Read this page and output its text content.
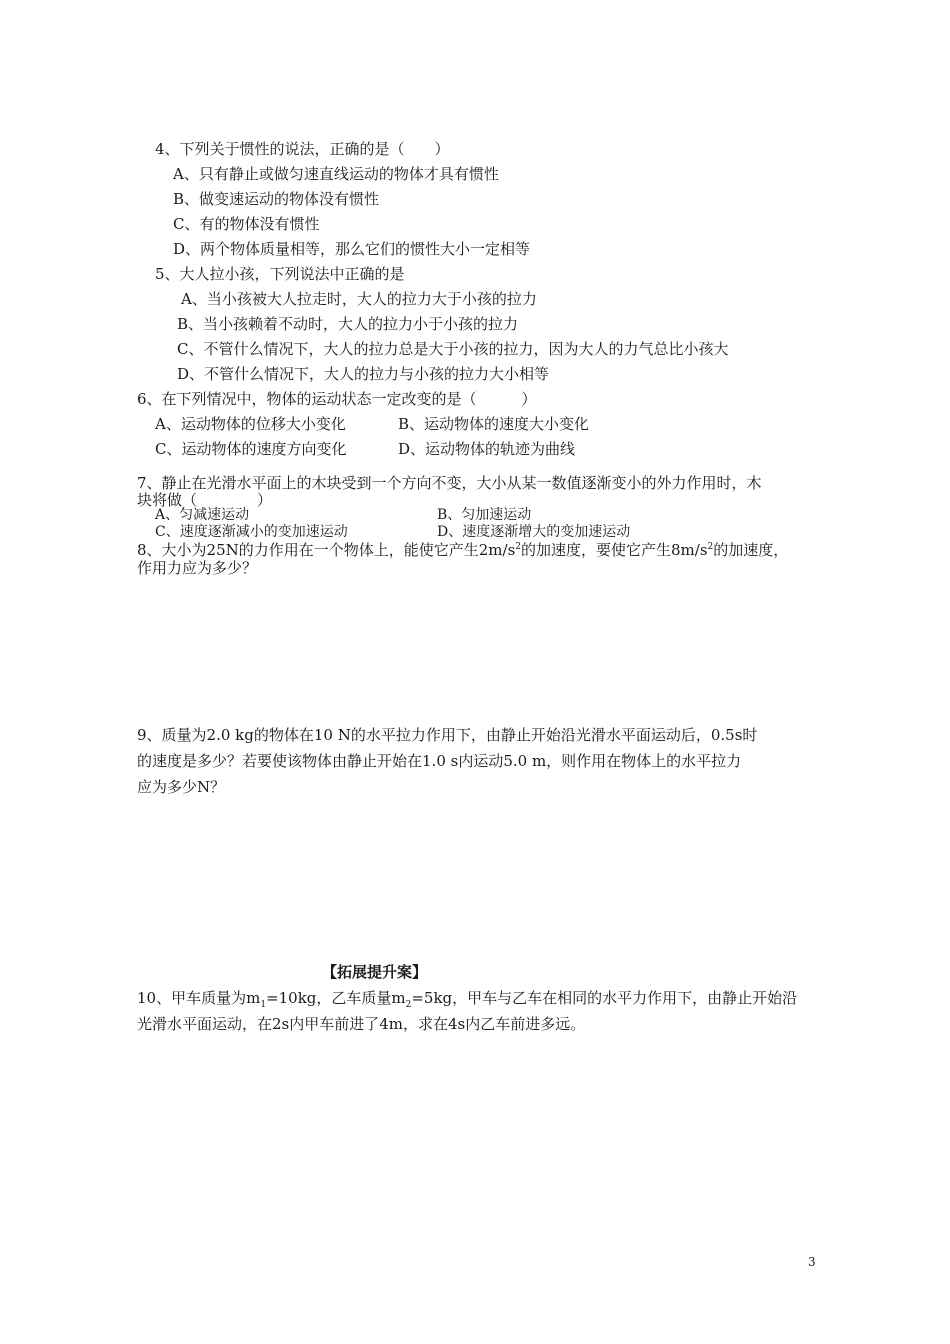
4、下列关于惯性的说法，正确的是（　　）
A、只有静止或做匀速直线运动的物体才具有惯性
B、做变速运动的物体没有惯性
C、有的物体没有惯性
D、两个物体质量相等，那么它们的惯性大小一定相等
5、大人拉小孩，下列说法中正确的是
A、当小孩被大人拉走时，大人的拉力大于小孩的拉力
B、当小孩赖着不动时，大人的拉力小于小孩的拉力
C、不管什么情况下，大人的拉力总是大于小孩的拉力，因为大人的力气总比小孩大
D、不管什么情况下，大人的拉力与小孩的拉力大小相等
6、在下列情况中，物体的运动状态一定改变的是（　　　）
A、运动物体的位移大小变化	B、运动物体的速度大小变化
C、运动物体的速度方向变化	D、运动物体的轨迹为曲线
7、静止在光滑水平面上的木块受到一个方向不变，大小从某一数值逐渐变小的外力作用时，木
块将做（　　　　）
A、匀减速运动	B、匀加速运动
C、速度逐渐减小的变加速运动	D、速度逐渐增大的变加速运动
8、大小为25N的力作用在一个物体上，能使它产生$2m/s^2$的加速度，要使它产生$8m/s^2$的加速度，
作用力应为多少？
9、质量为2.0 kg的物体在10 N的水平拉力作用下，由静止开始沿光滑水平面运动后，0.5s时
的速度是多少？若要使该物体由静止开始在1.0 s内运动5.0 m，则作用在物体上的水平拉力
应为多少N？
【拓展提升案】
10、甲车质量为$m_1=10kg$，乙车质量$m_2=5kg$，甲车与乙车在相同的水平力作用下，由静止开始沿
光滑水平面运动，在2s内甲车前进了4m，求在4s内乙车前进多远。
3
